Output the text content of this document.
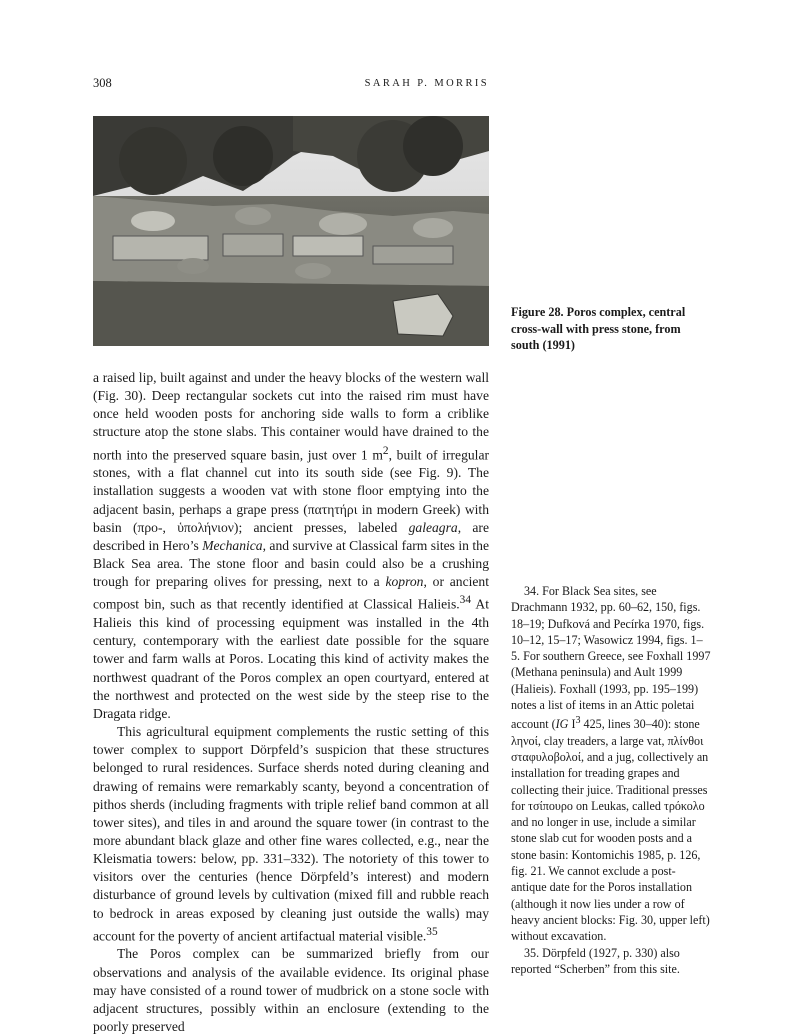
308	SARAH P. MORRIS
Figure 28. Poros complex, central cross-wall with press stone, from south (1991)

a raised lip, built against and under the heavy blocks of the western wall (Fig. 30). Deep rectangular sockets cut into the raised rim must have once held wooden posts for anchoring side walls to form a criblike structure atop the stone slabs. This container would have drained to the north into the preserved square basin, just over 1 $m^2$, built of irregular stones, with a flat channel cut into its south side (see Fig. 9). The installation suggests a wooden vat with stone floor emptying into the adjacent basin, perhaps a grape press (πατητήρι in modern Greek) with basin (προ-, ὑπολήνιον); ancient presses, labeled galeagra, are described in Hero’s Mechanica, and survive at Classical farm sites in the Black Sea area. The stone floor and basin could also be a crushing trough for preparing olives for pressing, next to a kopron, or ancient compost bin, such as that recently identified at Classical Halieis.$^{34}$ At Halieis this kind of processing equipment was installed in the 4th century, contemporary with the earliest date possible for the square tower and farm walls at Poros. Locating this kind of activity makes the northwest quadrant of the Poros complex an open courtyard, entered at the northwest and protected on the west side by the steep rise to the Dragata ridge.

This agricultural equipment complements the rustic setting of this tower complex to support Dörpfeld’s suspicion that these structures belonged to rural residences. Surface sherds noted during cleaning and drawing of remains were remarkably scanty, beyond a concentration of pithos sherds (including fragments with triple relief band common at all tower sites), and tiles in and around the square tower (in contrast to the more abundant black glaze and other fine wares collected, e.g., near the Kleismatia towers: below, pp. 331–332). The notoriety of this tower to visitors over the centuries (hence Dörpfeld’s interest) and modern disturbance of ground levels by cultivation (mixed fill and rubble reach to bedrock in areas exposed by cleaning just outside the walls) may account for the poverty of ancient artifactual material visible.$^{35}$

The Poros complex can be summarized briefly from our observations and analysis of the available evidence. Its original phase may have consisted of a round tower of mudbrick on a stone socle with adjacent structures, possibly within an enclosure (extending to the poorly preserved

34. For Black Sea sites, see Drachmann 1932, pp. 60–62, 150, figs. 18–19; Dufková and Pecírka 1970, figs. 10–12, 15–17; Wasowicz 1994, figs. 1–5. For southern Greece, see Foxhall 1997 (Methana peninsula) and Ault 1999 (Halieis). Foxhall (1993, pp. 195–199) notes a list of items in an Attic poletai account (IG $I^3$ 425, lines 30–40): stone ληνοί, clay treaders, a large vat, πλίνθοι σταφυλοβολοί, and a jug, collectively an installation for treading grapes and collecting their juice. Traditional presses for τσίπουρο on Leukas, called τρόκολο and no longer in use, include a similar stone slab cut for wooden posts and a stone basin: Kontomichis 1985, p. 126, fig. 21. We cannot exclude a post-antique date for the Poros installation (although it now lies under a row of heavy ancient blocks: Fig. 30, upper left) without excavation.

35. Dörpfeld (1927, p. 330) also reported “Scherben” from this site.
